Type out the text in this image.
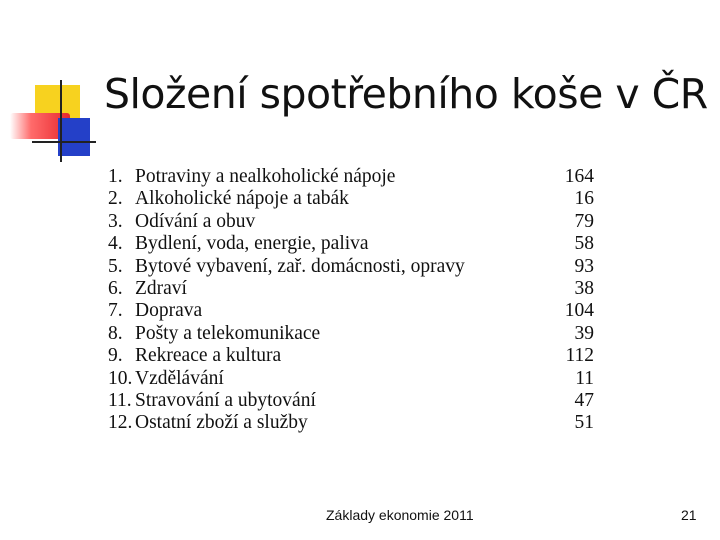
Složení spotřebního koše v ČR
1. Potraviny a nealkoholické nápoje	164
2. Alkoholické nápoje a tabák	16
3. Odívání a obuv	79
4. Bydlení, voda, energie, paliva	58
5. Bytové vybavení, zař. domácnosti, opravy	93
6. Zdraví	38
7. Doprava	104
8. Pošty a telekomunikace	39
9. Rekreace a kultura	112
10. Vzdělávání	11
11. Stravování a ubytování	47
12. Ostatní zboží a služby	51
Základy ekonomie 2011	21
